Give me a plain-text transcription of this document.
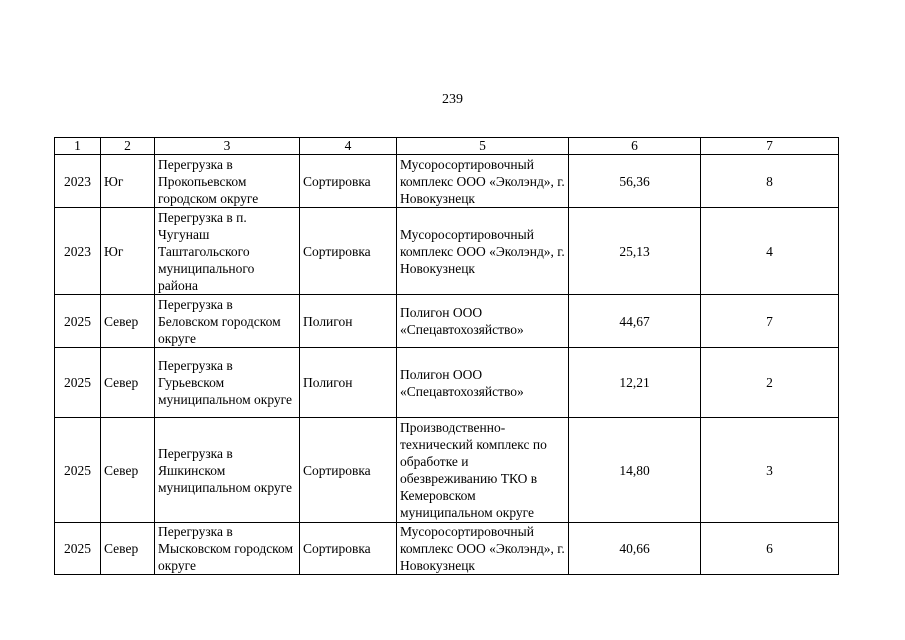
239
1	2	3	4	5	6	7
2023	Юг	Перегрузка в Прокопьевском городском округе	Сортировка	Мусоросортировочный комплекс ООО «Эколэнд», г. Новокузнецк	56,36	8
2023	Юг	Перегрузка в п. Чугунаш Таштагольского муниципального района	Сортировка	Мусоросортировочный комплекс ООО «Эколэнд», г. Новокузнецк	25,13	4
2025	Север	Перегрузка в Беловском городском округе	Полигон	Полигон ООО «Спецавтохозяйство»	44,67	7
2025	Север	Перегрузка в Гурьевском муниципальном округе	Полигон	Полигон ООО «Спецавтохозяйство»	12,21	2
2025	Север	Перегрузка в Яшкинском муниципальном округе	Сортировка	Производственно-технический комплекс по обработке и обезвреживанию ТКО в Кемеровском муниципальном округе	14,80	3
2025	Север	Перегрузка в Мысковском городском округе	Сортировка	Мусоросортировочный комплекс ООО «Эколэнд», г. Новокузнецк	40,66	6
